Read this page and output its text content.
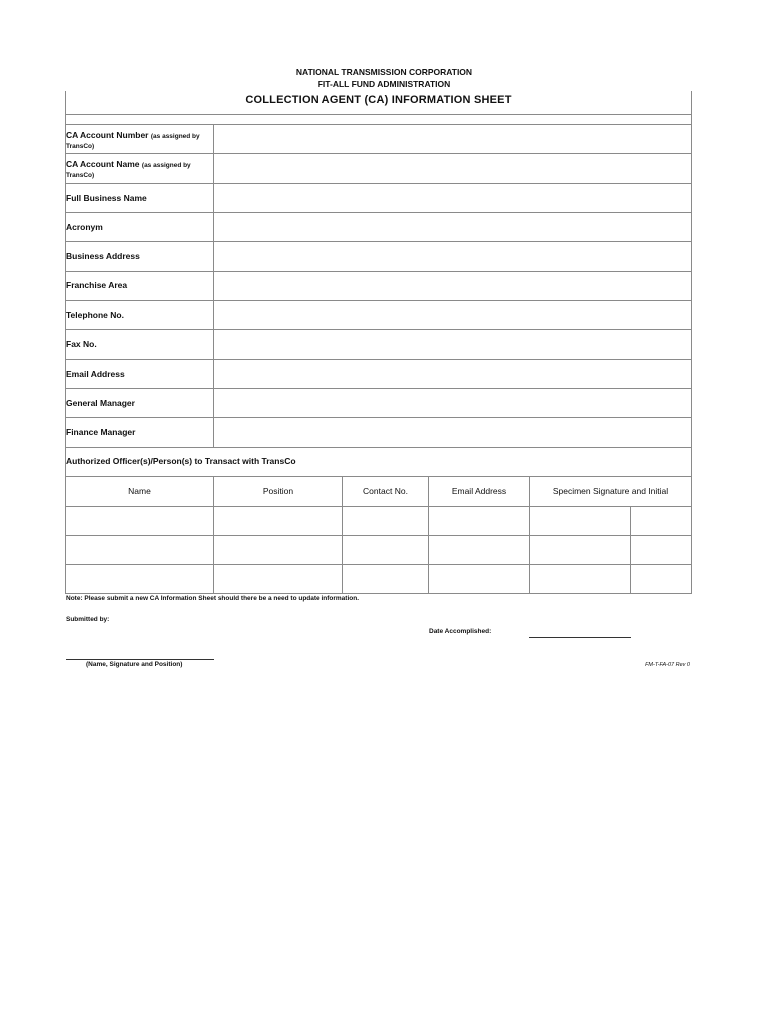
NATIONAL TRANSMISSION CORPORATION
FIT-ALL FUND ADMINISTRATION
COLLECTION AGENT (CA) INFORMATION SHEET
CA Account Number (as assigned by
TransCo)
CA Account Name (as assigned by
TransCo)
Full Business Name
Acronym
Business Address
Franchise Area
Telephone No.
Fax No.
Email Address
General Manager
Finance Manager
Authorized Officer(s)/Person(s) to Transact with TransCo
Name	Position	Contact No.	Email Address	Specimen Signature and Initial
Note: Please submit a new CA Information Sheet should there be a need to update information.
Submitted by:
Date Accomplished:
(Name, Signature and Position)	FM-T-FA-07 Rev 0
